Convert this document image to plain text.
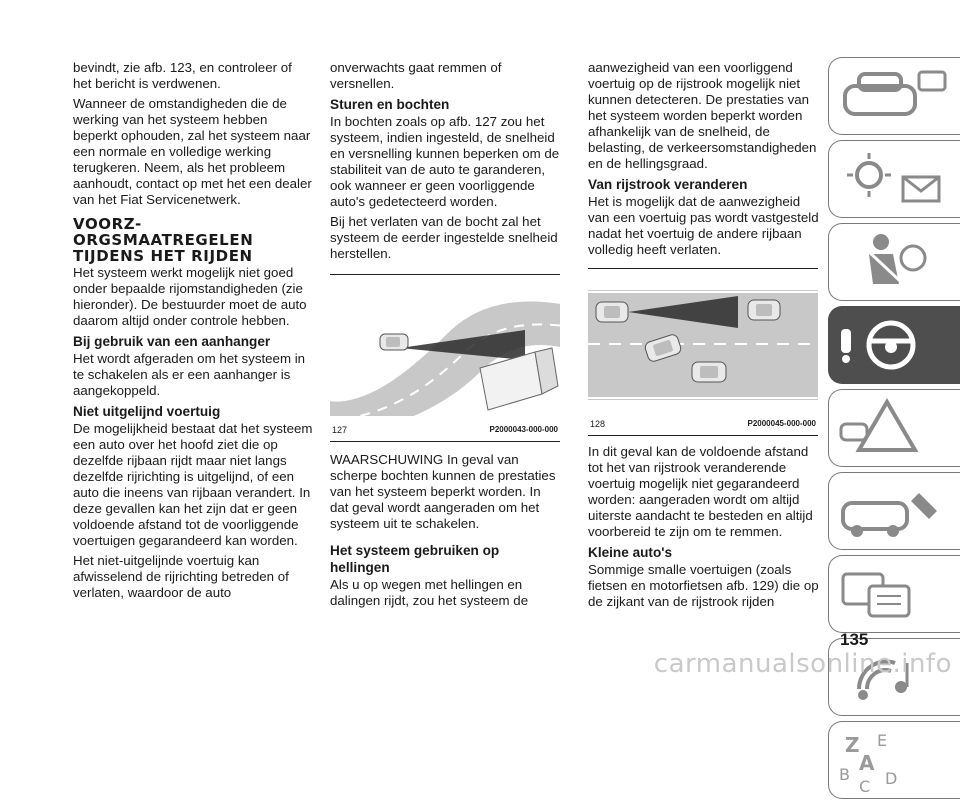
bevindt, zie afb. 123, en controleer of het bericht is verdwenen.

Wanneer de omstandigheden die de werking van het systeem hebben beperkt ophouden, zal het systeem naar een normale en volledige werking terugkeren. Neem, als het probleem aanhoudt, contact op met het een dealer van het Fiat Servicenetwerk.

VOORZ-
ORGSMAATREGELEN
TIJDENS HET RIJDEN

Het systeem werkt mogelijk niet goed onder bepaalde rijomstandigheden (zie hieronder). De bestuurder moet de auto daarom altijd onder controle hebben.

Bij gebruik van een aanhanger

Het wordt afgeraden om het systeem in te schakelen als er een aanhanger is aangekoppeld.

Niet uitgelijnd voertuig

De mogelijkheid bestaat dat het systeem een auto over het hoofd ziet die op dezelfde rijbaan rijdt maar niet langs dezelfde rijrichting is uitgelijnd, of een auto die ineens van rijbaan verandert. In deze gevallen kan het zijn dat er geen voldoende afstand tot de voorliggende voertuigen gegarandeerd kan worden.

Het niet-uitgelijnde voertuig kan afwisselend de rijrichting betreden of verlaten, waardoor de auto

onverwachts gaat remmen of versnellen.

Sturen en bochten

In bochten zoals op afb. 127 zou het systeem, indien ingesteld, de snelheid en versnelling kunnen beperken om de stabiliteit van de auto te garanderen, ook wanneer er geen voorliggende auto's gedetecteerd worden.

Bij het verlaten van de bocht zal het systeem de eerder ingestelde snelheid herstellen.

127	P2000043-000-000

WAARSCHUWING In geval van scherpe bochten kunnen de prestaties van het systeem beperkt worden. In dat geval wordt aangeraden om het systeem uit te schakelen.

Het systeem gebruiken op hellingen

Als u op wegen met hellingen en dalingen rijdt, zou het systeem de

aanwezigheid van een voorliggend voertuig op de rijstrook mogelijk niet kunnen detecteren. De prestaties van het systeem worden beperkt worden afhankelijk van de snelheid, de belasting, de verkeersomstandigheden en de hellingsgraad.

Van rijstrook veranderen

Het is mogelijk dat de aanwezigheid van een voertuig pas wordt vastgesteld nadat het voertuig de andere rijbaan volledig heeft verlaten.

128	P2000045-000-000

In dit geval kan de voldoende afstand tot het van rijstrook veranderende voertuig mogelijk niet gegarandeerd worden: aangeraden wordt om altijd uiterste aandacht te besteden en altijd voorbereid te zijn om te remmen.

Kleine auto's

Sommige smalle voertuigen (zoals fietsen en motorfietsen afb. 129) die op de zijkant van de rijstrook rijden

Z E
A
B
C D
135
carmanualsonline.info
